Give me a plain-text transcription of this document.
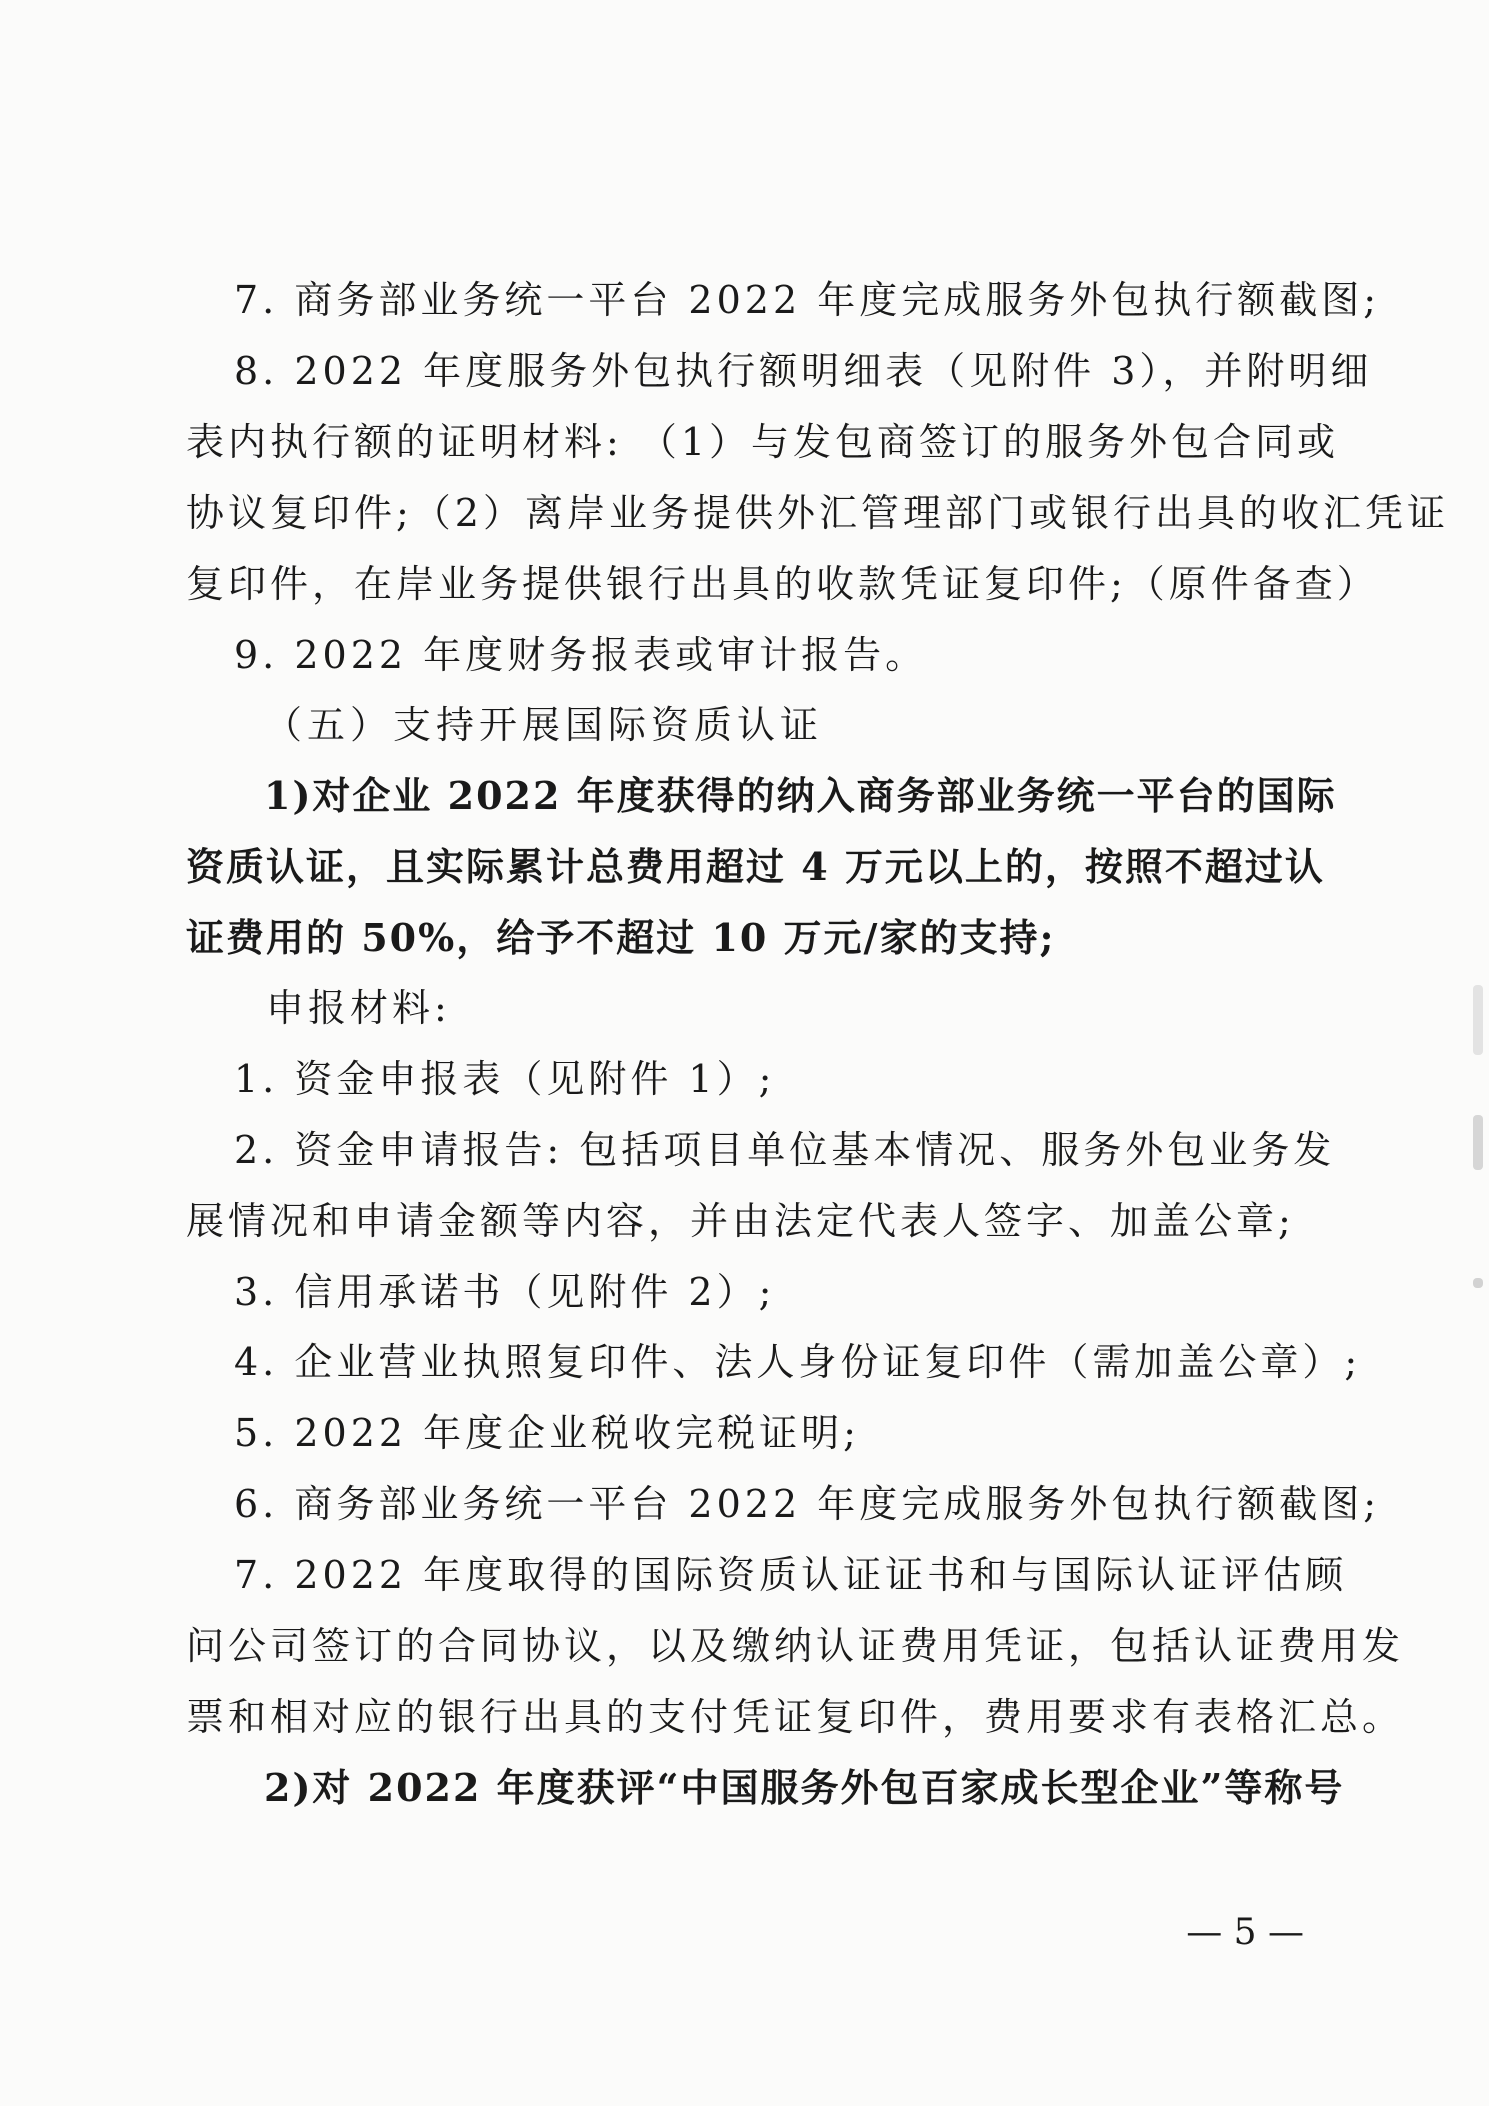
7. 商务部业务统一平台 2022 年度完成服务外包执行额截图;
8. 2022 年度服务外包执行额明细表（见附件 3），并附明细
表内执行额的证明材料: （1）与发包商签订的服务外包合同或
协议复印件;（2）离岸业务提供外汇管理部门或银行出具的收汇凭证
复印件，在岸业务提供银行出具的收款凭证复印件;（原件备查）
9. 2022 年度财务报表或审计报告。
（五）支持开展国际资质认证
1)对企业 2022 年度获得的纳入商务部业务统一平台的国际
资质认证，且实际累计总费用超过 4 万元以上的，按照不超过认
证费用的 50%，给予不超过 10 万元/家的支持;
申报材料:
1. 资金申报表（见附件 1）;
2. 资金申请报告: 包括项目单位基本情况、服务外包业务发
展情况和申请金额等内容，并由法定代表人签字、加盖公章;
3. 信用承诺书（见附件 2）;
4. 企业营业执照复印件、法人身份证复印件（需加盖公章）;
5. 2022 年度企业税收完税证明;
6. 商务部业务统一平台 2022 年度完成服务外包执行额截图;
7. 2022 年度取得的国际资质认证证书和与国际认证评估顾
问公司签订的合同协议，以及缴纳认证费用凭证，包括认证费用发
票和相对应的银行出具的支付凭证复印件，费用要求有表格汇总。
2)对 2022 年度获评“中国服务外包百家成长型企业”等称号
— 5 —
